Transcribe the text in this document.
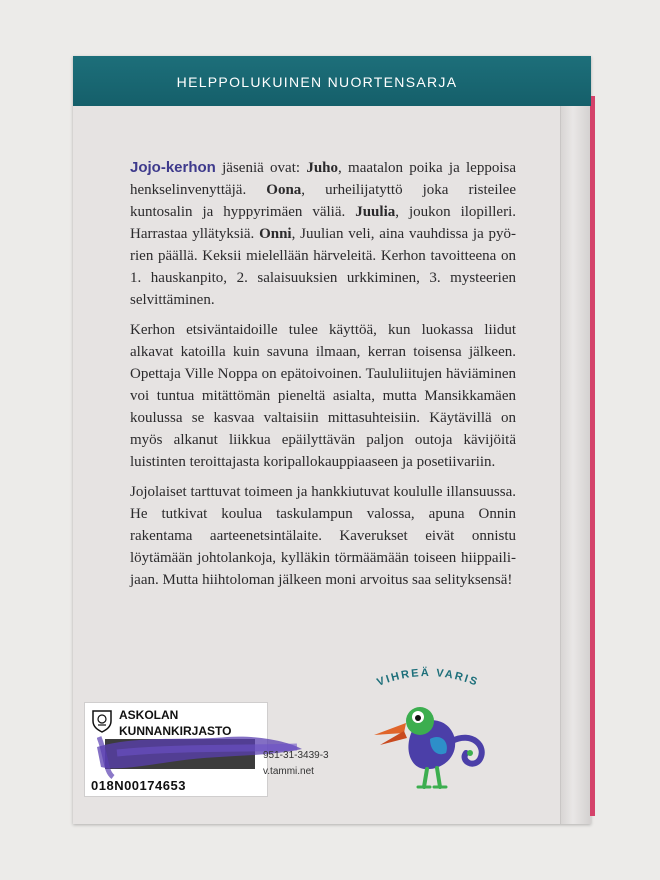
HELPPOLUKUINEN NUORTENSARJA

Jojo-kerhon jäseniä ovat: Juho, maatalon poika ja leppoisa henkselinvenyttäjä. Oona, urheilijatyttö joka risteilee kuntosalin ja hyppyrimäen väliä. Juulia, joukon ilopilleri. Harrastaa yllätyksiä. Onni, Juulian veli, aina vauhdissa ja pyörien päällä. Keksii mielellään härveleitä. Kerhon tavoitteena on 1. hauskanpito, 2. salaisuuksien urkkiminen, 3. mysteerien selvittäminen.

Kerhon etsiväntaidoille tulee käyttöä, kun luokassa liidut alkavat katoilla kuin savuna ilmaan, kerran toisensa jälkeen. Opettaja Ville Noppa on epätoivoinen. Taululiitujen häviäminen voi tuntua mitättömän pieneltä asialta, mutta Mansikkamäen koulussa se kasvaa valtaisiin mittasuhteisiin. Käytävillä on myös alkanut liikkua epäilyttävän paljon outoja kävijöitä luistinten teroittajasta koripallokauppiaaseen ja posetiivariin.

Jojolaiset tarttuvat toimeen ja hankkiutuvat koululle illansuussa. He tutkivat koulua taskulampun valossa, apuna Onnin rakentama aarteenetsintälaite. Kaverukset eivät onnistu löytämään johtolankoja, kylläkin törmäämään toiseen hiippailijaan. Mutta hiihtoloman jälkeen moni arvoitus saa selityksensä!

VIHREÄ VARIS
ASKOLAN
KUNNANKIRJASTO
018N00174653
951-31-3439-3
v.tammi.net
